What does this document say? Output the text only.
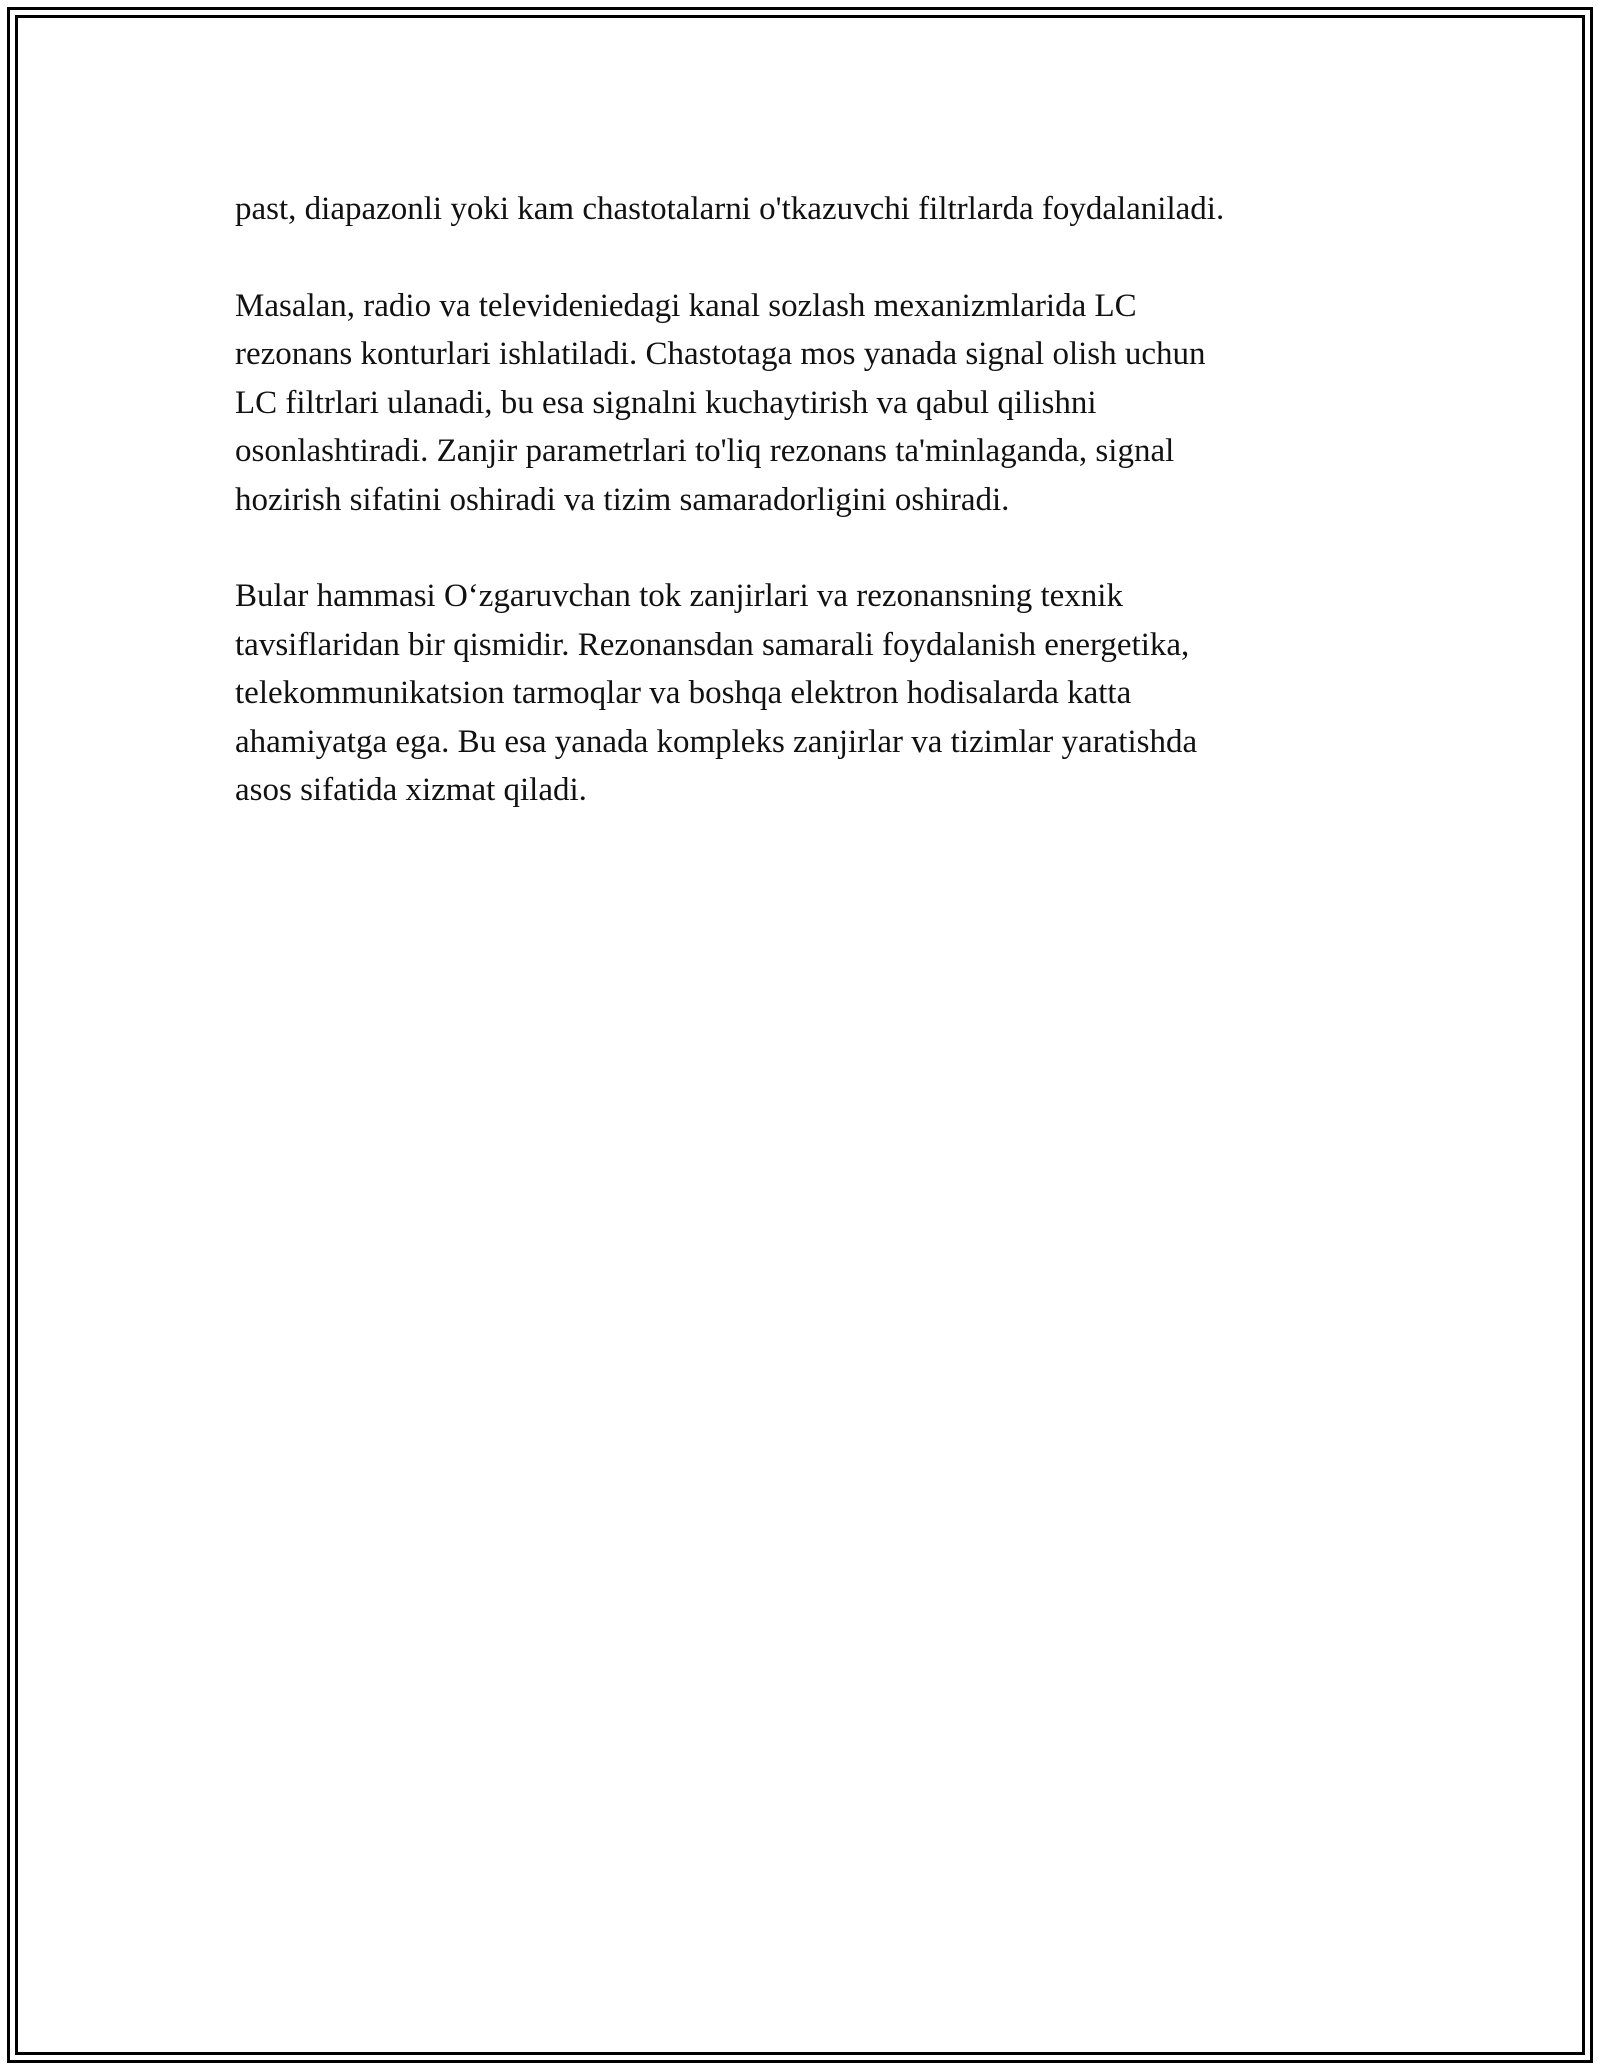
past, diapazonli yoki kam chastotalarni o'tkazuvchi filtrlarda foydalaniladi.

Masalan, radio va televideniedagi kanal sozlash mexanizmlarida LC
rezonans konturlari ishlatiladi. Chastotaga mos yanada signal olish uchun
LC filtrlari ulanadi, bu esa signalni kuchaytirish va qabul qilishni
osonlashtiradi. Zanjir parametrlari to'liq rezonans ta'minlaganda, signal
hozirish sifatini oshiradi va tizim samaradorligini oshiradi.

Bular hammasi Oʻzgaruvchan tok zanjirlari va rezonansning texnik
tavsiflaridan bir qismidir. Rezonansdan samarali foydalanish energetika,
telekommunikatsion tarmoqlar va boshqa elektron hodisalarda katta
ahamiyatga ega. Bu esa yanada kompleks zanjirlar va tizimlar yaratishda
asos sifatida xizmat qiladi.
